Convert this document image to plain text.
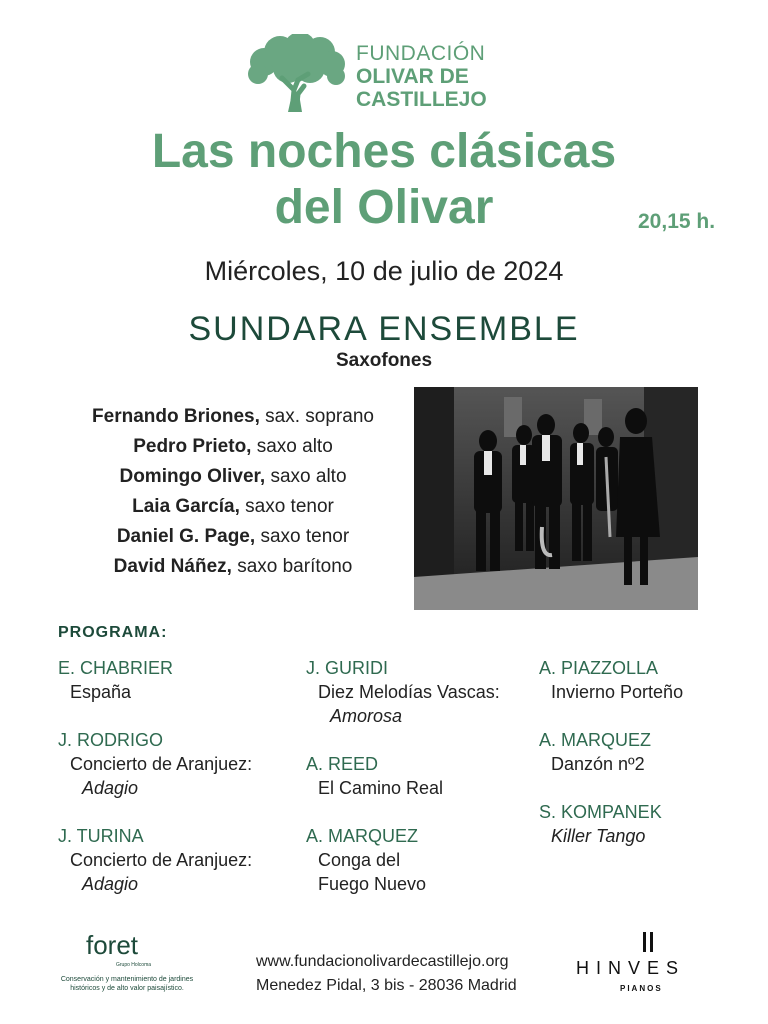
FUNDACIÓN
OLIVAR DE
CASTILLEJO
Las noches clásicas
del Olivar	20,15 h.
Miércoles, 10 de julio de 2024
SUNDARA ENSEMBLE
Saxofones
Fernando Briones, sax. soprano
Pedro Prieto, saxo alto
Domingo Oliver, saxo alto
Laia García, saxo tenor
Daniel G. Page, saxo tenor
David Náñez, saxo barítono
PROGRAMA:
E. CHABRIER
España
J. RODRIGO
Concierto de Aranjuez:
Adagio
J. TURINA
Concierto de Aranjuez:
Adagio
J. GURIDI
Diez Melodías Vascas:
Amorosa
A. REED
El Camino Real
A. MARQUEZ
Conga del
Fuego Nuevo
A. PIAZZOLLA
Invierno Porteño
A. MARQUEZ
Danzón nº2
S. KOMPANEK
Killer Tango
foret
Grupo Holcoma
Conservación y mantenimiento de jardines históricos y de alto valor paisajístico.
www.fundacionolivardecastillejo.org
Menedez Pidal, 3 bis - 28036 Madrid
HINVES
PIANOS
